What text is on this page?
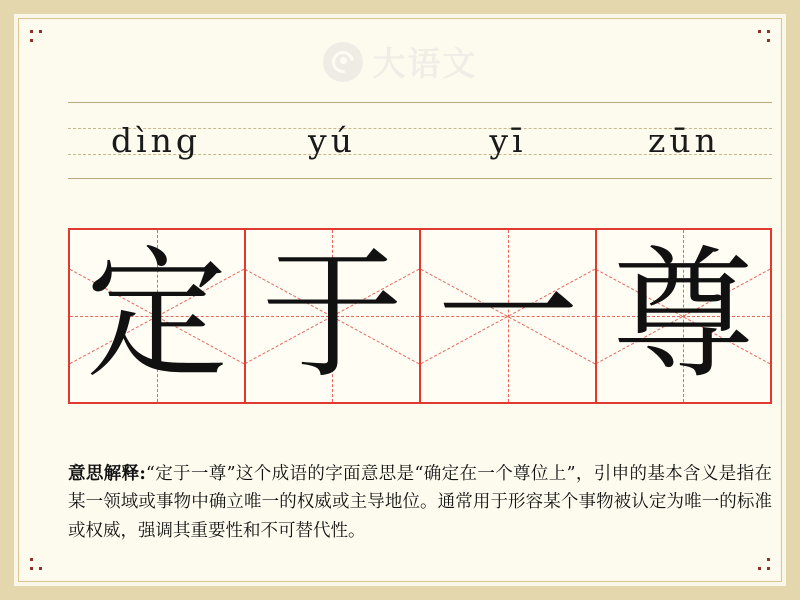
大语文
dìng	yú	yī	zūn
定 于 一 尊
意思解释:“定于一尊”这个成语的字面意思是“确定在一个尊位上”，引申的基本含义是指在某一领域或事物中确立唯一的权威或主导地位。通常用于形容某个事物被认定为唯一的标准或权威，强调其重要性和不可替代性。
